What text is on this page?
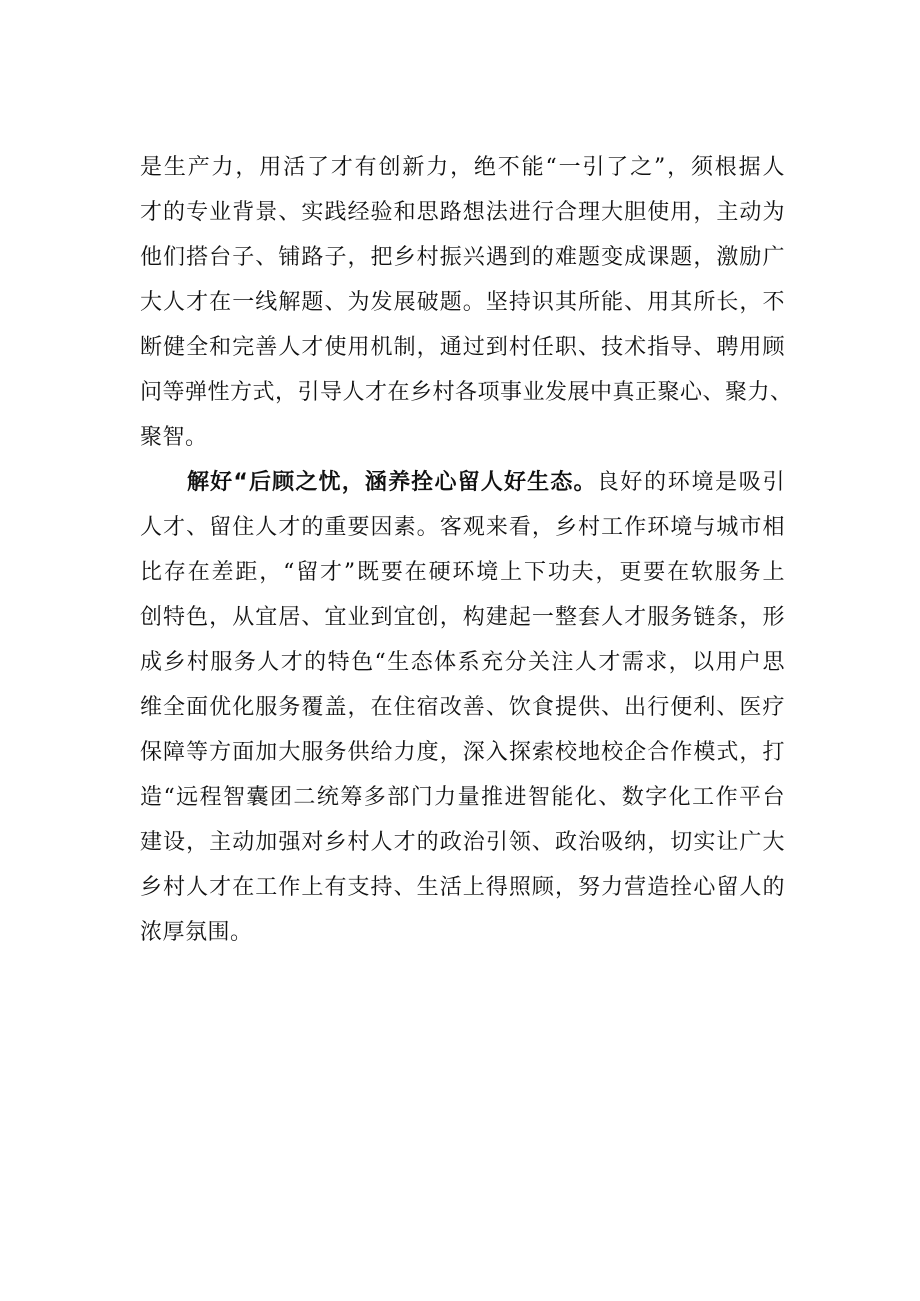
是生产力，用活了才有创新力，绝不能“一引了之”，须根据人
才的专业背景、实践经验和思路想法进行合理大胆使用，主动为
他们搭台子、铺路子，把乡村振兴遇到的难题变成课题，激励广
大人才在一线解题、为发展破题。坚持识其所能、用其所长，不
断健全和完善人才使用机制，通过到村任职、技术指导、聘用顾
问等弹性方式，引导人才在乡村各项事业发展中真正聚心、聚力、
聚智。
解好“后顾之忧，涵养拴心留人好生态。良好的环境是吸引
人才、留住人才的重要因素。客观来看，乡村工作环境与城市相
比存在差距，“留才”既要在硬环境上下功夫，更要在软服务上
创特色，从宜居、宜业到宜创，构建起一整套人才服务链条，形
成乡村服务人才的特色“生态体系充分关注人才需求，以用户思
维全面优化服务覆盖，在住宿改善、饮食提供、出行便利、医疗
保障等方面加大服务供给力度，深入探索校地校企合作模式，打
造“远程智囊团二统筹多部门力量推进智能化、数字化工作平台
建设，主动加强对乡村人才的政治引领、政治吸纳，切实让广大
乡村人才在工作上有支持、生活上得照顾，努力营造拴心留人的
浓厚氛围。
